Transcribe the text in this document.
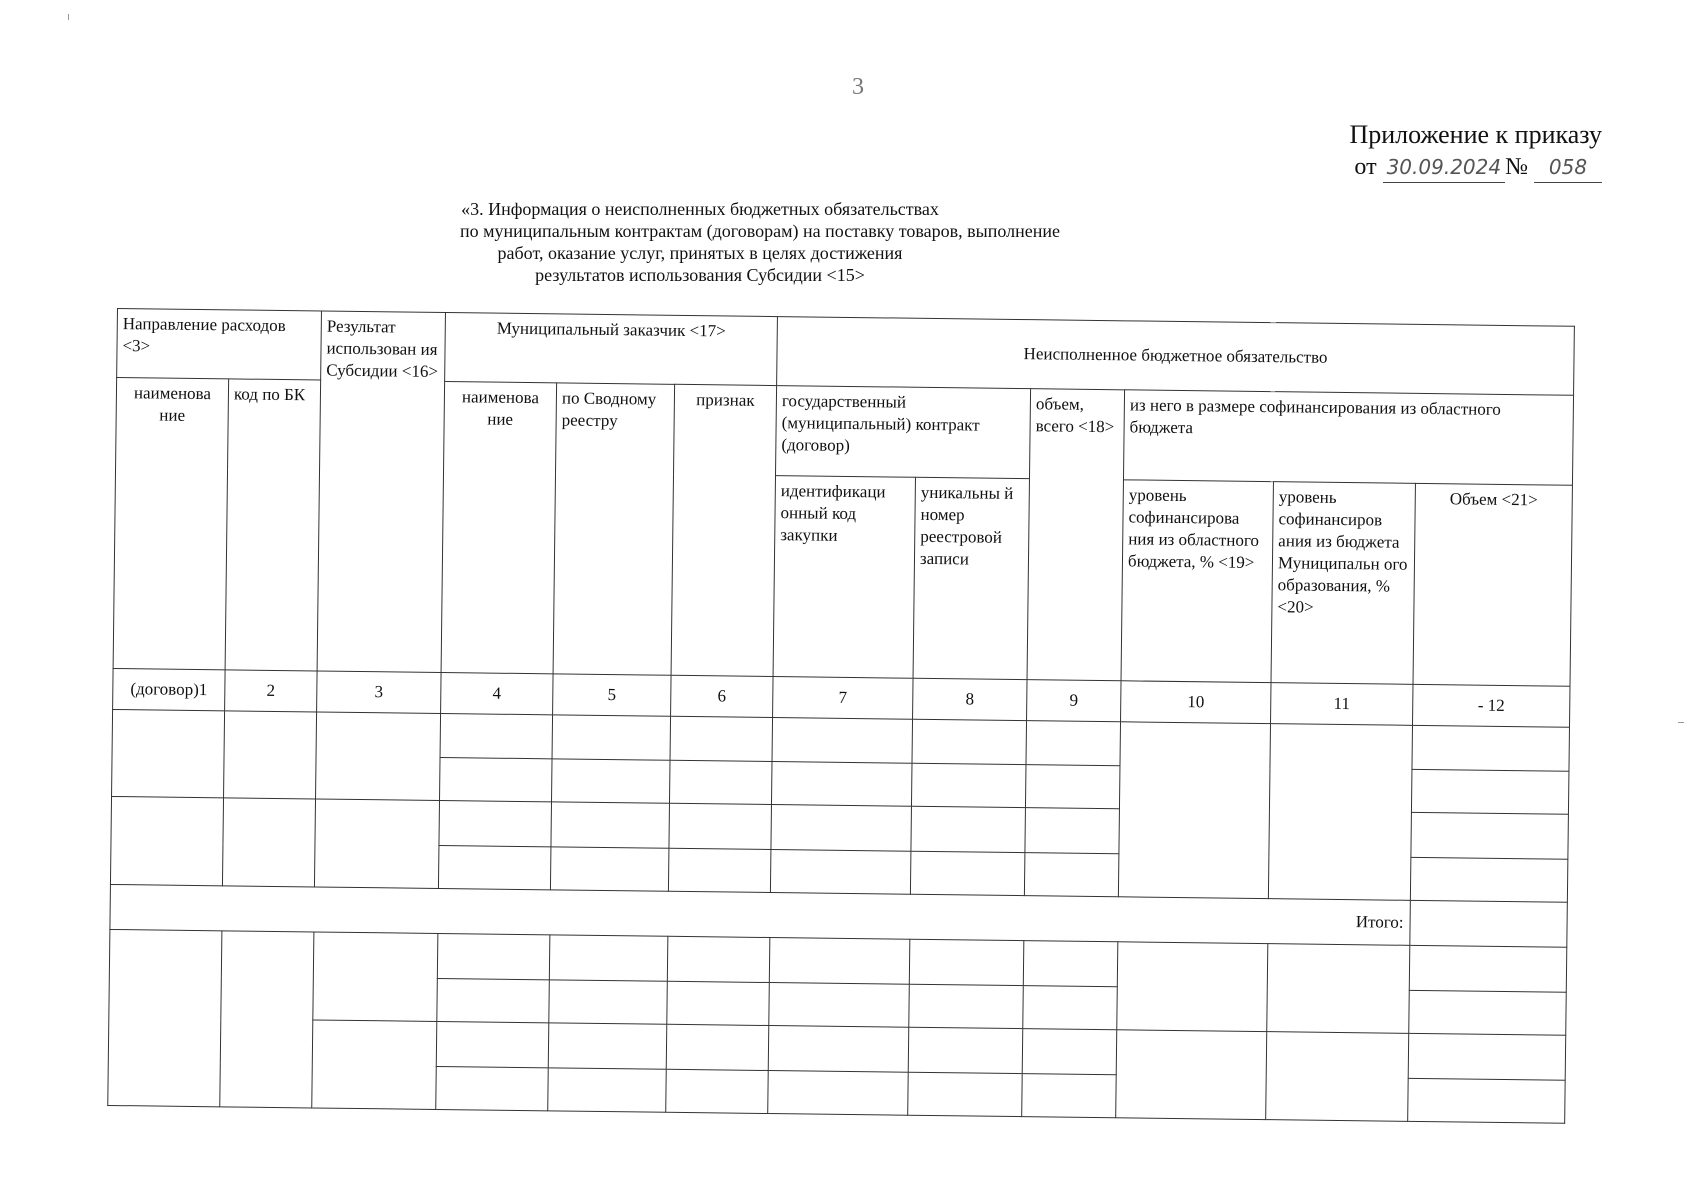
3
Приложение к приказу
от 30.09.2024 № 058
«3. Информация о неисполненных бюджетных обязательствах
по муниципальным контрактам (договорам) на поставку товаров, выполнение
работ, оказание услуг, принятых в целях достижения
результатов использования Субсидии <15>
Направление расходов <3>		Результат использован ия Субсидии <16>	Муниципальный заказчик <17>			Неисполненное бюджетное обязательство					
наименова ние	код по БК		наименова ние	по Сводному реестру	признак	государственный (муниципальный) контракт (договор)		объем, всего <18>	из него в размере софинансирования из областного бюджета		
						идентификаци онный код закупки	уникальны й номер реестровой записи		уровень софинансирова ния из областного бюджета, % <19>	уровень софинансиров ания из бюджета Муниципальн ого образования, % <20>	Объем <21>
(договор)1	2	3	4	5	6	7	8	9	10	11	- 12

Итого:											
